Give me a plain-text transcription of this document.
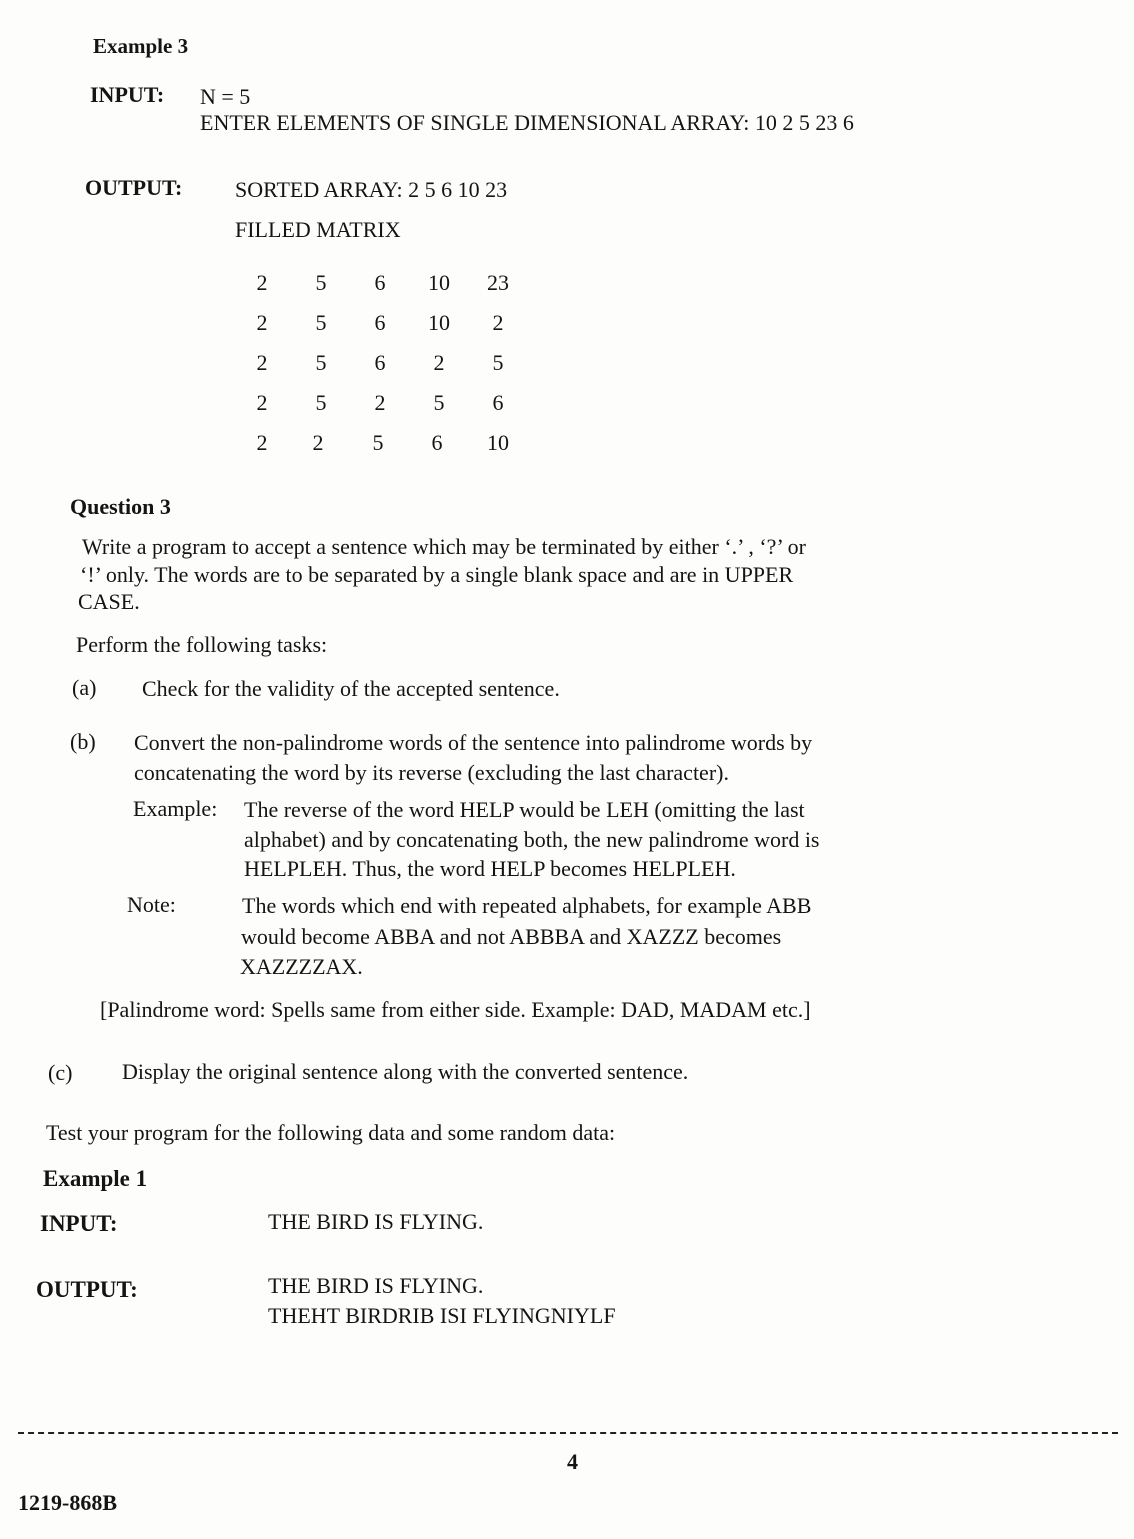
Example 3
INPUT: N = 5
ENTER ELEMENTS OF SINGLE DIMENSIONAL ARRAY: 10 2 5 23 6
OUTPUT: SORTED ARRAY: 2 5 6 10 23
FILLED MATRIX
2	5	6	10	23
2	5	6	10	2
2	5	6	2	5
2	5	2	5	6
2	2	5	6	10
Question 3
Write a program to accept a sentence which may be terminated by either ‘.’ , ‘?’ or
‘!’ only. The words are to be separated by a single blank space and are in UPPER
CASE.
Perform the following tasks:
(a) Check for the validity of the accepted sentence.
(b) Convert the non-palindrome words of the sentence into palindrome words by
concatenating the word by its reverse (excluding the last character).
Example: The reverse of the word HELP would be LEH (omitting the last
alphabet) and by concatenating both, the new palindrome word is
HELPLEH. Thus, the word HELP becomes HELPLEH.
Note:	The words which end with repeated alphabets, for example ABB
would become ABBA and not ABBBA and XAZZZ becomes
XAZZZZAX.
[Palindrome word: Spells same from either side. Example: DAD, MADAM etc.]
(c) Display the original sentence along with the converted sentence.
Test your program for the following data and some random data:
Example 1
INPUT:	THE BIRD IS FLYING.
OUTPUT:	THE BIRD IS FLYING.
THEHT BIRDRIB ISI FLYINGNIYLF
4
1219-868B
